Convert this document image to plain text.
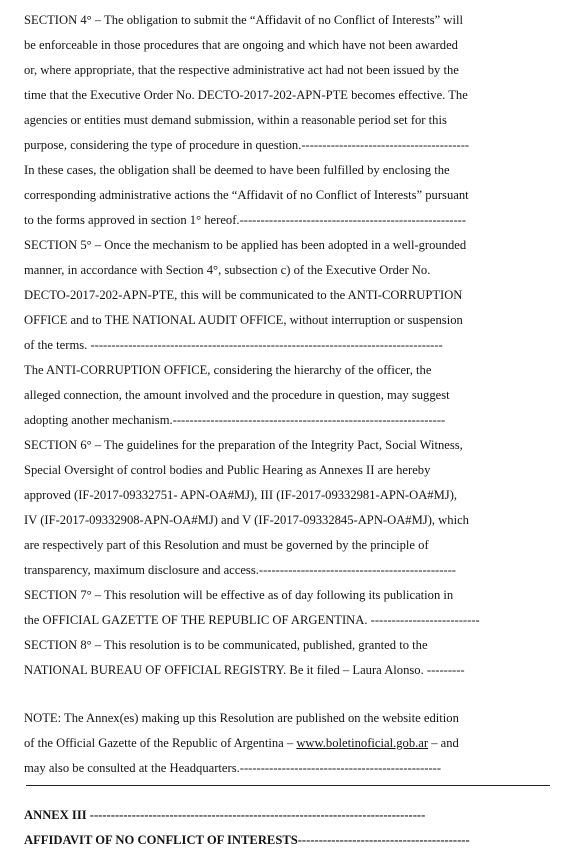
SECTION 4° – The obligation to submit the “Affidavit of no Conflict of Interests” will
be enforceable in those procedures that are ongoing and which have not been awarded
or, where appropriate, that the respective administrative act had not been issued by the
time that the Executive Order No. DECTO-2017-202-APN-PTE becomes effective. The
agencies or entities must demand submission, within a reasonable period set for this
purpose, considering the type of procedure in question.----------------------------------------
In these cases, the obligation shall be deemed to have been fulfilled by enclosing the
corresponding administrative actions the “Affidavit of no Conflict of Interests” pursuant
to the forms approved in section 1° hereof.------------------------------------------------------
SECTION 5° – Once the mechanism to be applied has been adopted in a well-grounded
manner, in accordance with Section 4°, subsection c) of the Executive Order No.
DECTO-2017-202-APN-PTE, this will be communicated to the ANTI-CORRUPTION
OFFICE and to THE NATIONAL AUDIT OFFICE, without interruption or suspension
of the terms. ------------------------------------------------------------------------------------
The ANTI-CORRUPTION OFFICE, considering the hierarchy of the officer, the
alleged connection, the amount involved and the procedure in question, may suggest
adopting another mechanism.-----------------------------------------------------------------
SECTION 6° – The guidelines for the preparation of the Integrity Pact, Social Witness,
Special Oversight of control bodies and Public Hearing as Annexes II are hereby
approved (IF-2017-09332751- APN-OA#MJ), III (IF-2017-09332981-APN-OA#MJ),
IV (IF-2017-09332908-APN-OA#MJ) and V (IF-2017-09332845-APN-OA#MJ), which
are respectively part of this Resolution and must be governed by the principle of
transparency, maximum disclosure and access.-----------------------------------------------
SECTION 7° – This resolution will be effective as of day following its publication in
the OFFICIAL GAZETTE OF THE REPUBLIC OF ARGENTINA. --------------------------
SECTION 8° – This resolution is to be communicated, published, granted to the
NATIONAL BUREAU OF OFFICIAL REGISTRY. Be it filed – Laura Alonso. ---------
NOTE: The Annex(es) making up this Resolution are published on the website edition
of the Official Gazette of the Republic of Argentina – www.boletinoficial.gob.ar – and
may also be consulted at the Headquarters.------------------------------------------------
ANNEX III --------------------------------------------------------------------------------
AFFIDAVIT OF NO CONFLICT OF INTERESTS-----------------------------------------
